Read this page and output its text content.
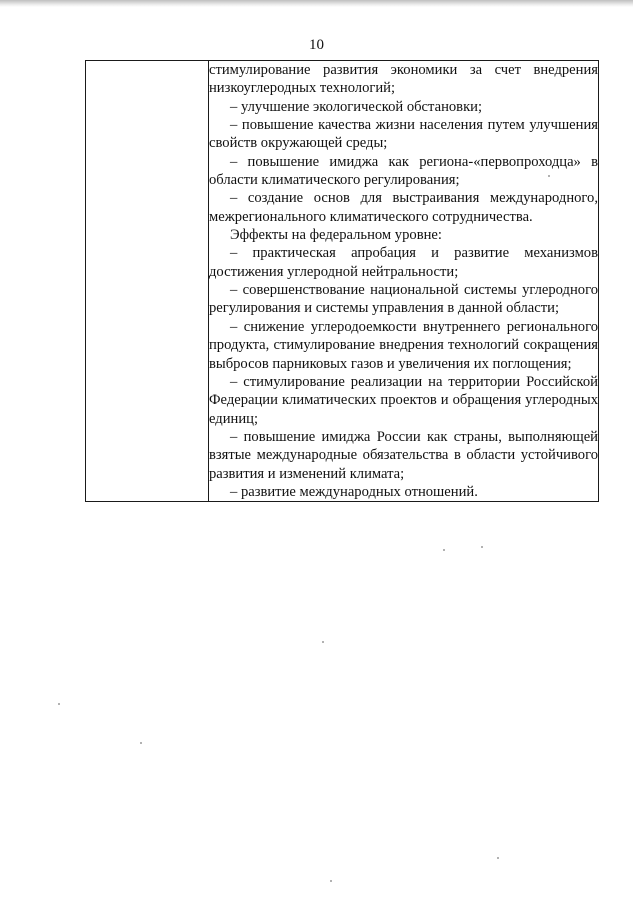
10

стимулирование развития экономики за счет внедрения низкоуглеродных технологий;

– улучшение экологической обстановки;

– повышение качества жизни населения путем улучшения свойств окружающей среды;

– повышение имиджа как региона-«первопроходца» в области климатического регулирования;

– создание основ для выстраивания международного, межрегионального климатического сотрудничества.

Эффекты на федеральном уровне:

– практическая апробация и развитие механизмов достижения углеродной нейтральности;

– совершенствование национальной системы углеродного регулирования и системы управления в данной области;

– снижение углеродоемкости внутреннего регионального продукта, стимулирование внедрения технологий сокращения выбросов парниковых газов и увеличения их поглощения;

– стимулирование реализации на территории Российской Федерации климатических проектов и обращения углеродных единиц;

– повышение имиджа России как страны, выполняющей взятые международные обязательства в области устойчивого развития и изменений климата;

– развитие международных отношений.
